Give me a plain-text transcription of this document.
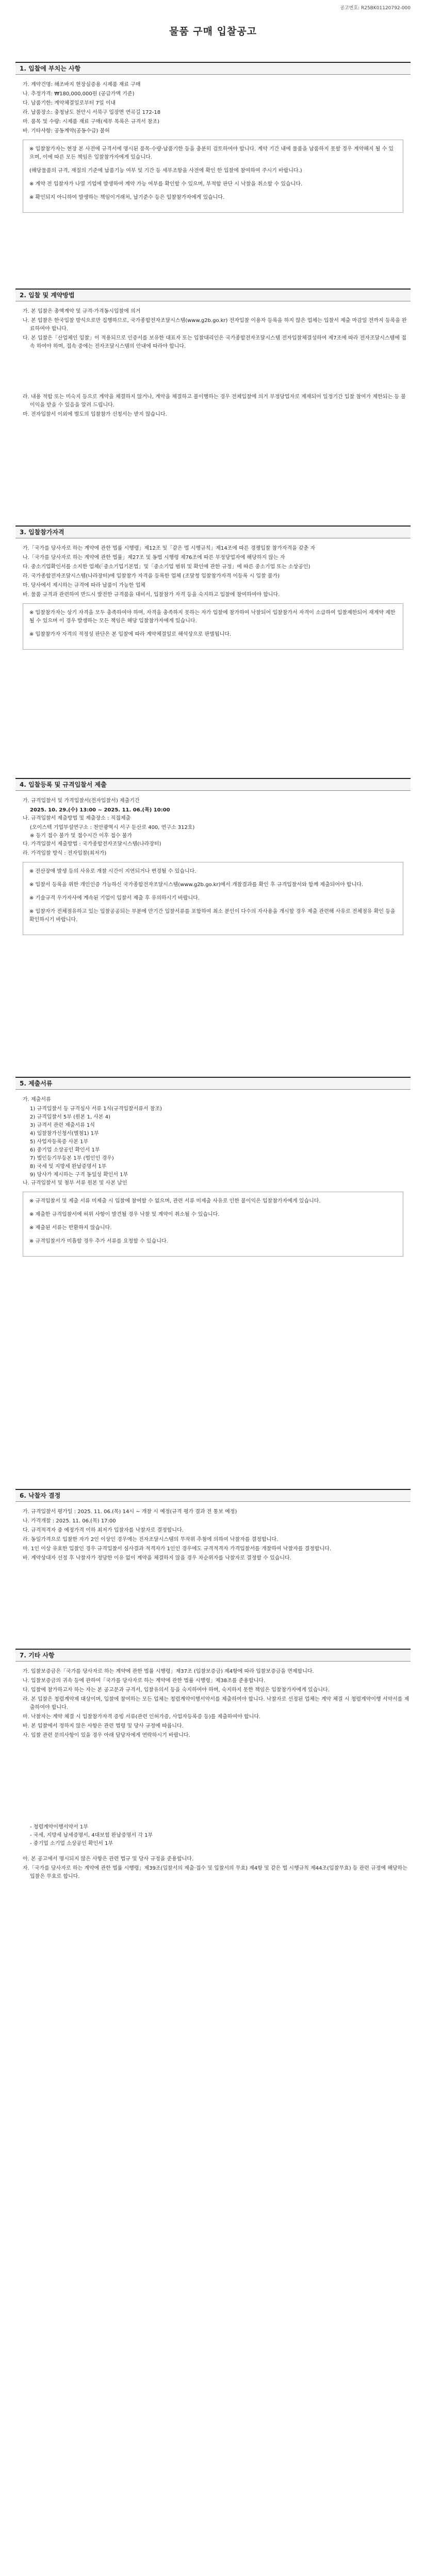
공고번호: R25BK01120792-000
물품 구매 입찰공고
1. 입찰에 부치는 사항
가. 계약건명: 해조바지 현장실증용 시제품 재료 구매
나. 추정가격: ₩180,000,000원 (공급가액 기준)
다. 납품기한: 계약체결일로부터 7일 이내
라. 납품장소: 충청남도 천안시 서북구 입장면 연곡길 172-18
마. 품목 및 수량: 시제품 재료 구매(세부 목록은 규격서 참조)
바. 기타사항: 공동계약(공동수급) 불허

※ 입찰참가자는 현장 본 사전에 규격서에 명시된 품목·수량·납품기한 등을 충분히 검토하여야 합니다. 계약 기간 내에 물품을 납품하지 못할 경우 계약해지 될 수 있으며, 이에 따른 모든 책임은 입찰참가자에게 있습니다.

(해당물품의 규격, 재질의 기준에 납품기능 여부 및 기간 등 세부조항을 사전에 확인 한 입찰에 참여하여 주시기 바랍니다.)

※ 계약 전 입찰자가 나열 기업에 발생하여 계약 가능 여부를 확인할 수 있으며, 부적합 판단 시 낙찰을 취소할 수 있습니다.

※ 확인되지 아니하여 발생하는 책임이거래처, 납기준수 등은 입찰참가자에게 있습니다.

2. 입찰 및 계약방법
가. 본 입찰은 총액계약 및 규격·가격동시입찰에 의거
나. 본 입찰은 한국입찰 방식으로만 집행하므로, 국가종합전자조달시스템(www.g2b.go.kr) 전자입찰 이용자 등록을 하지 않은 업체는 입찰서 제출 마감일 전까지 등록을 완료하여야 합니다.
다. 본 입찰은「산업체인 입찰」이 적용되므로 인증서를 보유한 대표자 또는 입찰대리인은 국가종합전자조달시스템 전자입찰체결성하여 제7조에 따라 전자조달시스템에 접속 하여야 하며, 접속 중에는 전자조달시스템의 안내에 따라야 합니다.
라. 내용 적합 또는 미숙지 등으로 계약을 체결하지 않거나, 계약을 체결하고 불이행하는 경우 전체입찰에 의거 부정당업자로 제재되어 일정기간 입찰 참여가 제한되는 등 불이익을 받을 수 있음을 알려 드립니다.
마. 전자입찰서 이외에 별도의 입찰참가 신청서는 받지 않습니다.
3. 입찰참가자격
가.「국가를 당사자로 하는 계약에 관한 법률 시행령」제12조 및「같은 법 시행규칙」제14조에 따른 경쟁입찰 참가자격을 갖춘 자
나.「국가를 당사자로 하는 계약에 관한 법률」제27조 및 동법 시행령 제76조에 따른 부정당업자에 해당하지 않는 자
다. 중소기업확인서를 소지한 업체(「중소기업기본법」및「중소기업 범위 및 확인에 관한 규정」에 따른 중소기업 또는 소상공인)
라. 국가종합전자조달시스템(나라장터)에 입찰참가 자격을 등록한 업체 (조달청 입찰참가자격 이등록 시 입찰 불가)
마. 당사에서 제시하는 규격에 따라 납품이 가능한 업체
바. 물품 규격과 관련하여 반드시 발전한 규격품을 대비서, 입찰참가 자격 등을 숙지하고 입찰에 참여하여야 합니다.

※ 입찰참가자는 상기 자격을 모두 충족하여야 하며, 자격을 충족하지 못하는 자가 입찰에 참가하여 낙찰되어 입찰참가서 자격이 소급하여 입찰제한되어 재계약 제한될 수 있으며 이 경우 발생하는 모든 책임은 해당 입찰참가자에게 있습니다.

※ 입찰참가자 자격의 적정성 판단은 본 입찰에 따라 계약체결일로 해석상으로 판별됩니다.

4. 입찰등록 및 규격입찰서 제출
가. 규격입찰서 및 가격입찰서(전자입찰서) 제출기간
2025. 10. 29.(수) 13:00 ~ 2025. 11. 06.(목) 10:00
나. 규격입찰서 제출방법 및 제출장소 : 직접제출
(오이스텍 기업부설연구소 : 천안광역시 서구 둔산로 400, 연구소 312호)
※ 등기 접수 불가 및 접수시간 이후 접수 불가
다. 가격입찰서 제출방법 : 국가종합전자조달시스템(나라장터)
라. 가격입찰 방식 : 전자입찰(최저가)

※ 전산장애 발생 등의 사유로 개찰 시간이 지연되거나 변경될 수 있습니다.

※ 입찰서 등록을 위한 개인인증 가능하신 국가종합전자조달시스템(www.g2b.go.kr)에서 개찰결과를 확인 후 규격입찰서와 함께 제출되어야 합니다.

※ 기술규격 우가자사에 계속된 기업이 입찰서 제출 후 유의하시기 바랍니다.

※ 입찰자가 전체점유하고 있는 입찰공공되는 부분에 만기간 입찰서류를 포함하여 최소 분인이 다수의 자사용을 개시할 경우 제출 관련해 사유로 전체점유 확인 등을 확인하시기 바랍니다.

5. 제출서류
가. 제출서류
1) 규격입찰서 등 규격심사 서류 1식(규격입찰서류서 참조)
2) 규격입찰서 5부 (원본 1, 사본 4)
3) 규격서 관련 제출서류 1식
4) 입찰참가신청서(별첨1) 1부
5) 사업자등록증 사본 1부
6) 중기업 소상공인 확인서 1부
7) 법인등기부등본 1부 (법인인 경우)
8) 국세 및 지방세 완납증명서 1부
9) 당사가 제시하는 구격 동일성 확인서 1부
나. 규격입찰서 및 첨부 서류 원본 및 사본 날인

※ 규격입찰서 및 제출 서류 미제출 시 입찰에 참여할 수 없으며, 관련 서류 미제출 사유로 인한 불이익은 입찰참가자에게 있습니다.

※ 제출한 규격입찰서에 허위 사항이 발견될 경우 낙찰 및 계약이 취소될 수 있습니다.

※ 제출된 서류는 반환하지 않습니다.

※ 규격입찰서가 미흡할 경우 추가 서류를 요청할 수 있습니다.

6. 낙찰자 결정
가. 규격입찰서 평가일 : 2025. 11. 06.(목) 14시 ~ 개찰 시 예정(규격 평가 결과 전 통보 예정)
나. 가격개찰 : 2025. 11. 06.(목) 17:00
다. 규격적격자 중 예정가격 이하 최저가 입찰자를 낙찰자로 결정합니다.
라. 동일가격으로 입찰한 자가 2인 이상인 경우에는 전자조달시스템의 무작위 추첨에 의하여 낙찰자를 결정합니다.
마. 1인 이상 유효한 입찰인 경우 규격입찰서 심사결과 적격자가 1인인 경우에도 규격적격자 가격입찰서를 개찰하여 낙찰자를 결정합니다.
바. 계약상대자 선정 후 낙찰자가 정당한 이유 없이 계약을 체결하지 않을 경우 차순위자를 낙찰자로 결정할 수 있습니다.
7. 기타 사항
가. 입찰보증금은「국가를 당사자로 하는 계약에 관한 법률 시행령」제37조 (입찰보증금) 제4항에 따라 입찰보증금을 면제합니다.
나. 입찰보증금의 귀속 등에 관하여「국가를 당사자로 하는 계약에 관한 법률 시행령」제38조를 준용합니다.
다. 입찰에 참가하고자 하는 자는 본 공고문과 규격서, 입찰유의서 등을 숙지하여야 하며, 숙지하지 못한 책임은 입찰참가자에게 있습니다.
라. 본 입찰은 청렴계약제 대상이며, 입찰에 참여하는 모든 업체는 청렴계약이행서약서를 제출하여야 합니다. 낙찰자로 선정된 업체는 계약 체결 시 청렴계약이행 서약서를 제출하여야 합니다.
마. 낙찰자는 계약 체결 시 입찰참가자격 증빙 서류(관련 인허가증, 사업자등록증 등)를 제출하여야 합니다.
바. 본 입찰에서 정하지 않은 사항은 관련 법령 및 당사 규정에 따릅니다.
사. 입찰 관련 문의사항이 있을 경우 아래 담당자에게 연락하시기 바랍니다.
- 청렴계약이행서약서 1부
- 국세, 지방세 납세증명서, 4대보험 완납증명서 각 1부
- 중기업 소기업 소상공인 확인서 1부
아. 본 공고에서 명시되지 않은 사항은 관련 법규 및 당사 규정을 준용합니다.
자.「국가를 당사자로 하는 계약에 관한 법률 시행령」제39조(입찰서의 제출·접수 및 입찰서의 무효) 제4항 및 같은 법 시행규칙 제44조(입찰무효) 등 관련 규정에 해당하는 입찰은 무효로 합니다.
